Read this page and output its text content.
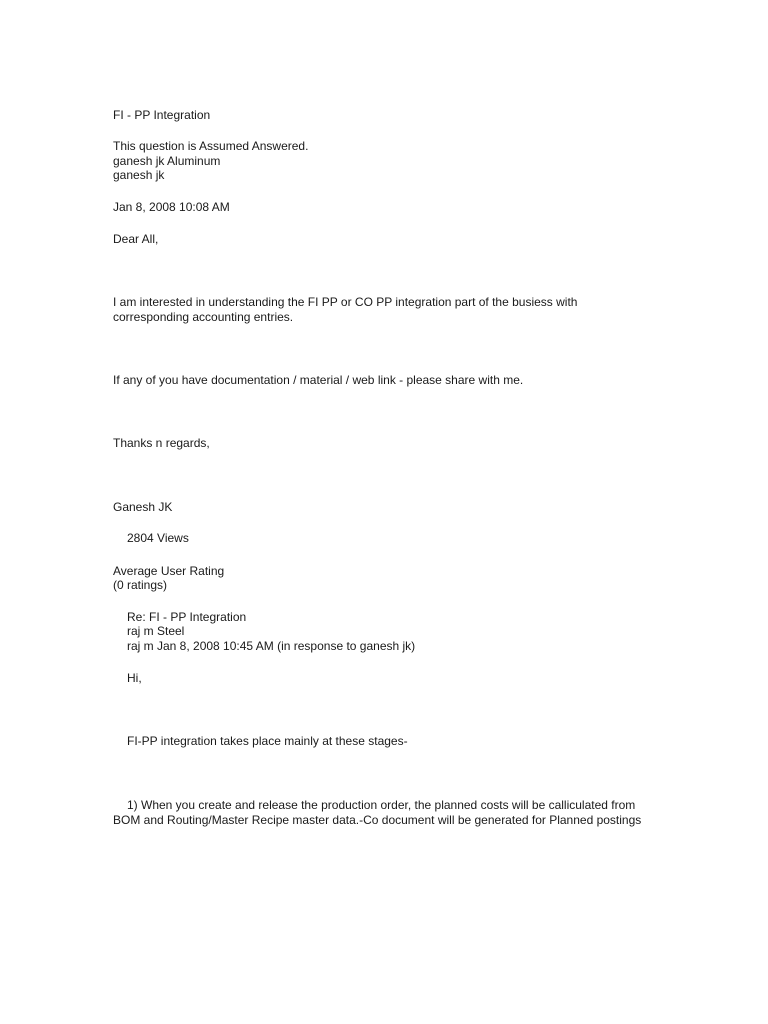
FI - PP Integration

This question is Assumed Answered.

ganesh jk Aluminum

ganesh jk

Jan 8, 2008 10:08 AM

Dear All,

I am interested in understanding the FI PP or CO PP integration part of the busiess with corresponding accounting entries.

If any of you have documentation / material / web link - please share with me.

Thanks n regards,

Ganesh JK

2804 Views

Average User Rating

(0 ratings)

Re: FI - PP Integration

raj m Steel

raj m Jan 8, 2008 10:45 AM (in response to ganesh jk)

Hi,

FI-PP integration takes place mainly at these stages-

1) When you create and release the production order, the planned costs will be calliculated from BOM and Routing/Master Recipe master data.-Co document will be generated for Planned postings
